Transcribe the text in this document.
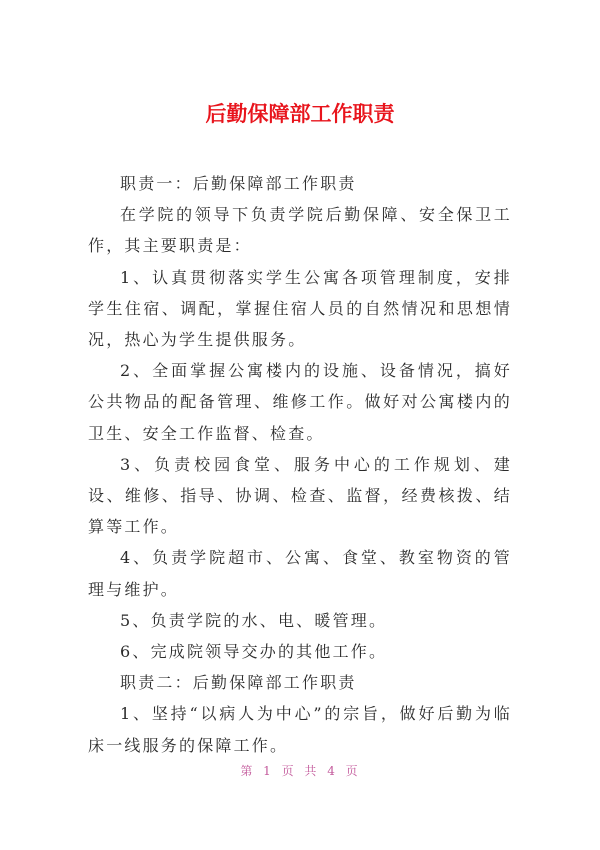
后勤保障部工作职责

职责一：后勤保障部工作职责

在学院的领导下负责学院后勤保障、安全保卫工作，其主要职责是：

1、认真贯彻落实学生公寓各项管理制度，安排学生住宿、调配，掌握住宿人员的自然情况和思想情况，热心为学生提供服务。

2、全面掌握公寓楼内的设施、设备情况，搞好公共物品的配备管理、维修工作。做好对公寓楼内的卫生、安全工作监督、检查。

3、负责校园食堂、服务中心的工作规划、建设、维修、指导、协调、检查、监督，经费核拨、结算等工作。

4、负责学院超市、公寓、食堂、教室物资的管理与维护。

5、负责学院的水、电、暖管理。

6、完成院领导交办的其他工作。

职责二：后勤保障部工作职责

1、坚持“以病人为中心”的宗旨，做好后勤为临床一线服务的保障工作。

第 1 页 共 4 页
